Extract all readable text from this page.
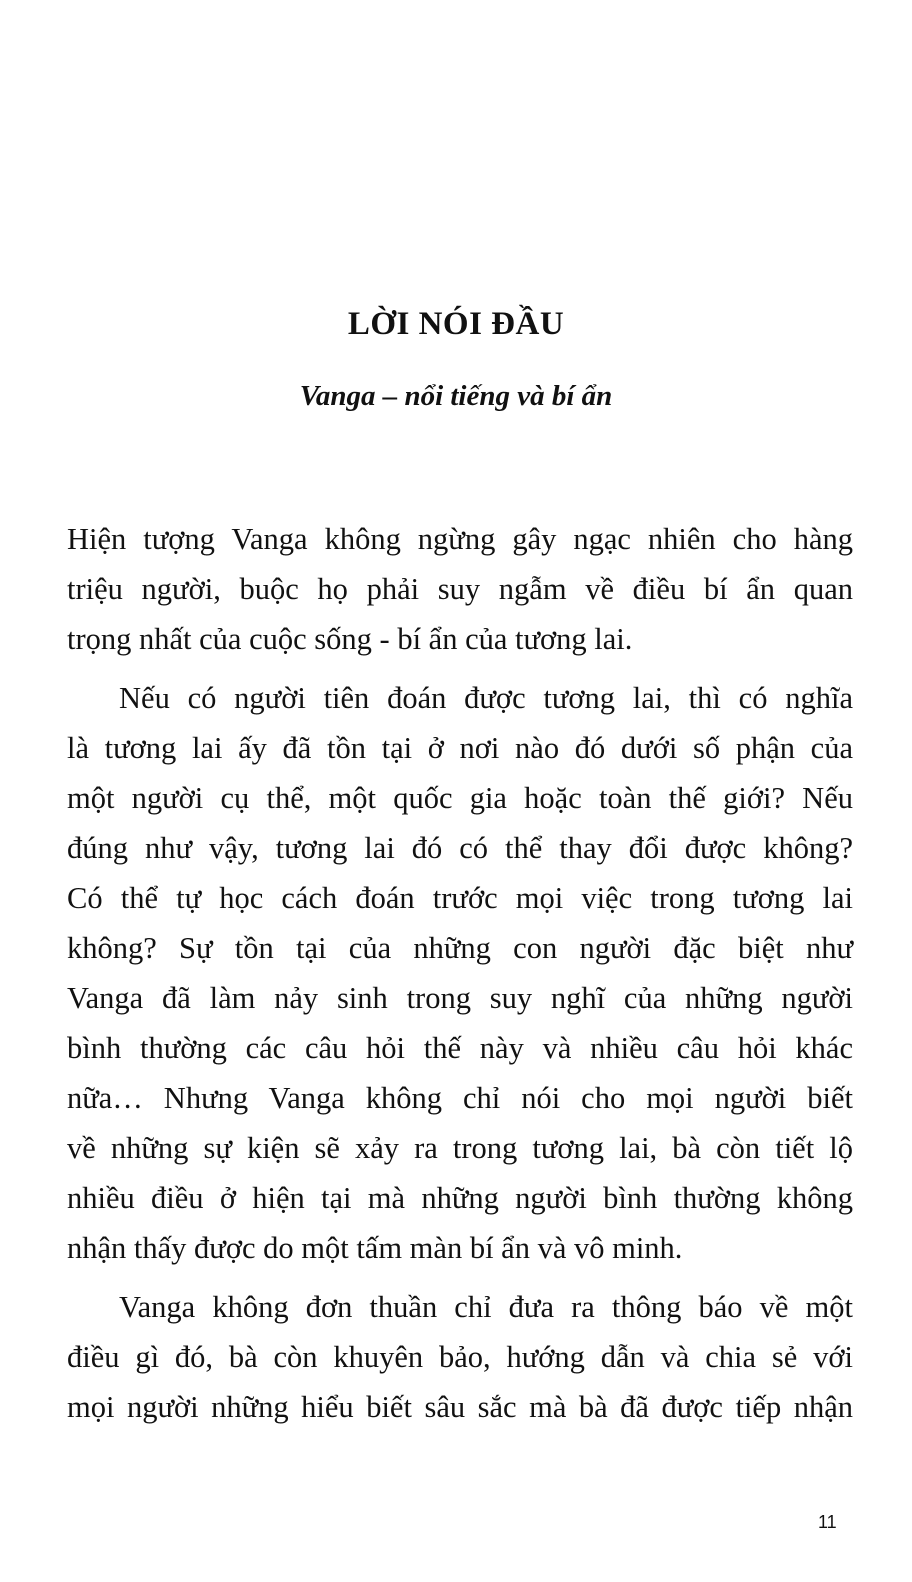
LỜI NÓI ĐẦU
Vanga – nổi tiếng và bí ẩn

Hiện tượng Vanga không ngừng gây ngạc nhiên cho hàng
triệu người, buộc họ phải suy ngẫm về điều bí ẩn quan
trọng nhất của cuộc sống - bí ẩn của tương lai.

Nếu có người tiên đoán được tương lai, thì có nghĩa
là tương lai ấy đã tồn tại ở nơi nào đó dưới số phận của
một người cụ thể, một quốc gia hoặc toàn thế giới? Nếu
đúng như vậy, tương lai đó có thể thay đổi được không?
Có thể tự học cách đoán trước mọi việc trong tương lai
không? Sự tồn tại của những con người đặc biệt như
Vanga đã làm nảy sinh trong suy nghĩ của những người
bình thường các câu hỏi thế này và nhiều câu hỏi khác
nữa… Nhưng Vanga không chỉ nói cho mọi người biết
về những sự kiện sẽ xảy ra trong tương lai, bà còn tiết lộ
nhiều điều ở hiện tại mà những người bình thường không
nhận thấy được do một tấm màn bí ẩn và vô minh.

Vanga không đơn thuần chỉ đưa ra thông báo về một
điều gì đó, bà còn khuyên bảo, hướng dẫn và chia sẻ với
mọi người những hiểu biết sâu sắc mà bà đã được tiếp nhận

11
